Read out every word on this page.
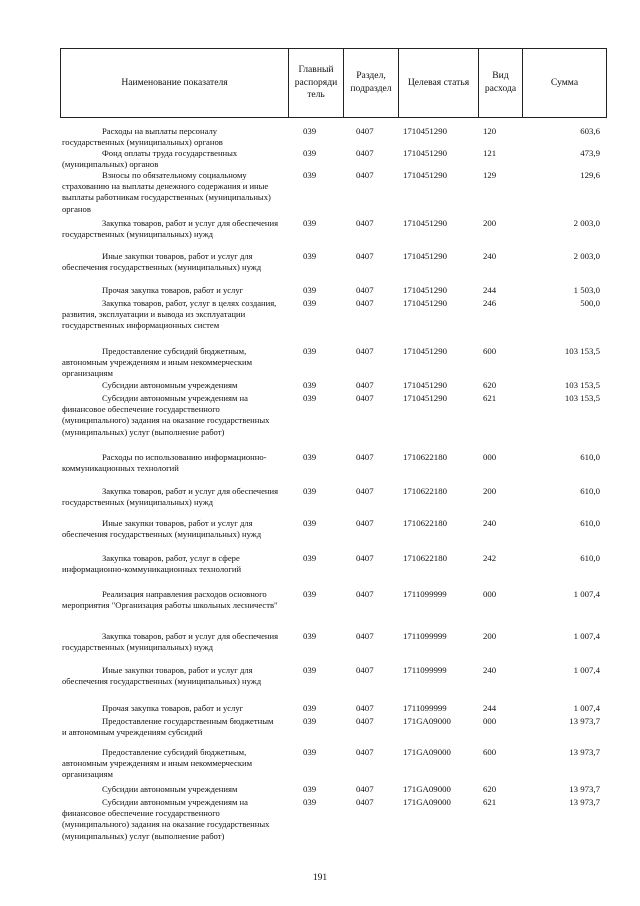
Наименование показателя	Главный распоряди тель	Раздел, подраздел	Целевая статья	Вид расхода	Сумма
Расходы на выплаты персоналу государственных (муниципальных) органов
039	0407	1710451290	120	603,6
Фонд оплаты труда государственных (муниципальных) органов
039	0407	1710451290	121	473,9
Взносы по обязательному социальному страхованию на выплаты денежного содержания и иные выплаты работникам государственных (муниципальных) органов
039	0407	1710451290	129	129,6
Закупка товаров, работ и услуг для обеспечения государственных (муниципальных) нужд
039	0407	1710451290	200	2 003,0
Иные закупки товаров, работ и услуг для обеспечения государственных (муниципальных) нужд
039	0407	1710451290	240	2 003,0
Прочая закупка товаров, работ и услуг	039	0407	1710451290	244	1 503,0
Закупка товаров, работ, услуг в целях создания, развития, эксплуатации и вывода из эксплуатации государственных информационных систем
039	0407	1710451290	246	500,0
Предоставление субсидий бюджетным, автономным учреждениям и иным некоммерческим организациям
039	0407	1710451290	600	103 153,5
Субсидии автономным учреждениям	039	0407	1710451290	620	103 153,5
Субсидии автономным учреждениям на финансовое обеспечение государственного (муниципального) задания на оказание государственных (муниципальных) услуг (выполнение работ)
039	0407	1710451290	621	103 153,5
Расходы по использованию информационно-коммуникационных технологий
039	0407	1710622180	000	610,0
Закупка товаров, работ и услуг для обеспечения государственных (муниципальных) нужд
039	0407	1710622180	200	610,0
Иные закупки товаров, работ и услуг для обеспечения государственных (муниципальных) нужд
039	0407	1710622180	240	610,0
Закупка товаров, работ, услуг в сфере информационно-коммуникационных технологий
039	0407	1710622180	242	610,0
Реализация направления расходов основного мероприятия "Организация работы школьных лесничеств"
039	0407	1711099999	000	1 007,4
Закупка товаров, работ и услуг для обеспечения государственных (муниципальных) нужд
039	0407	1711099999	200	1 007,4
Иные закупки товаров, работ и услуг для обеспечения государственных (муниципальных) нужд
039	0407	1711099999	240	1 007,4
Прочая закупка товаров, работ и услуг	039	0407	1711099999	244	1 007,4
Предоставление государственным бюджетным и автономным учреждениям субсидий
039	0407	171GA09000	000	13 973,7
Предоставление субсидий бюджетным, автономным учреждениям и иным некоммерческим организациям
039	0407	171GA09000	600	13 973,7
Субсидии автономным учреждениям	039	0407	171GA09000	620	13 973,7
Субсидии автономным учреждениям на финансовое обеспечение государственного (муниципального) задания на оказание государственных (муниципальных) услуг (выполнение работ)
039	0407	171GA09000	621	13 973,7
191
